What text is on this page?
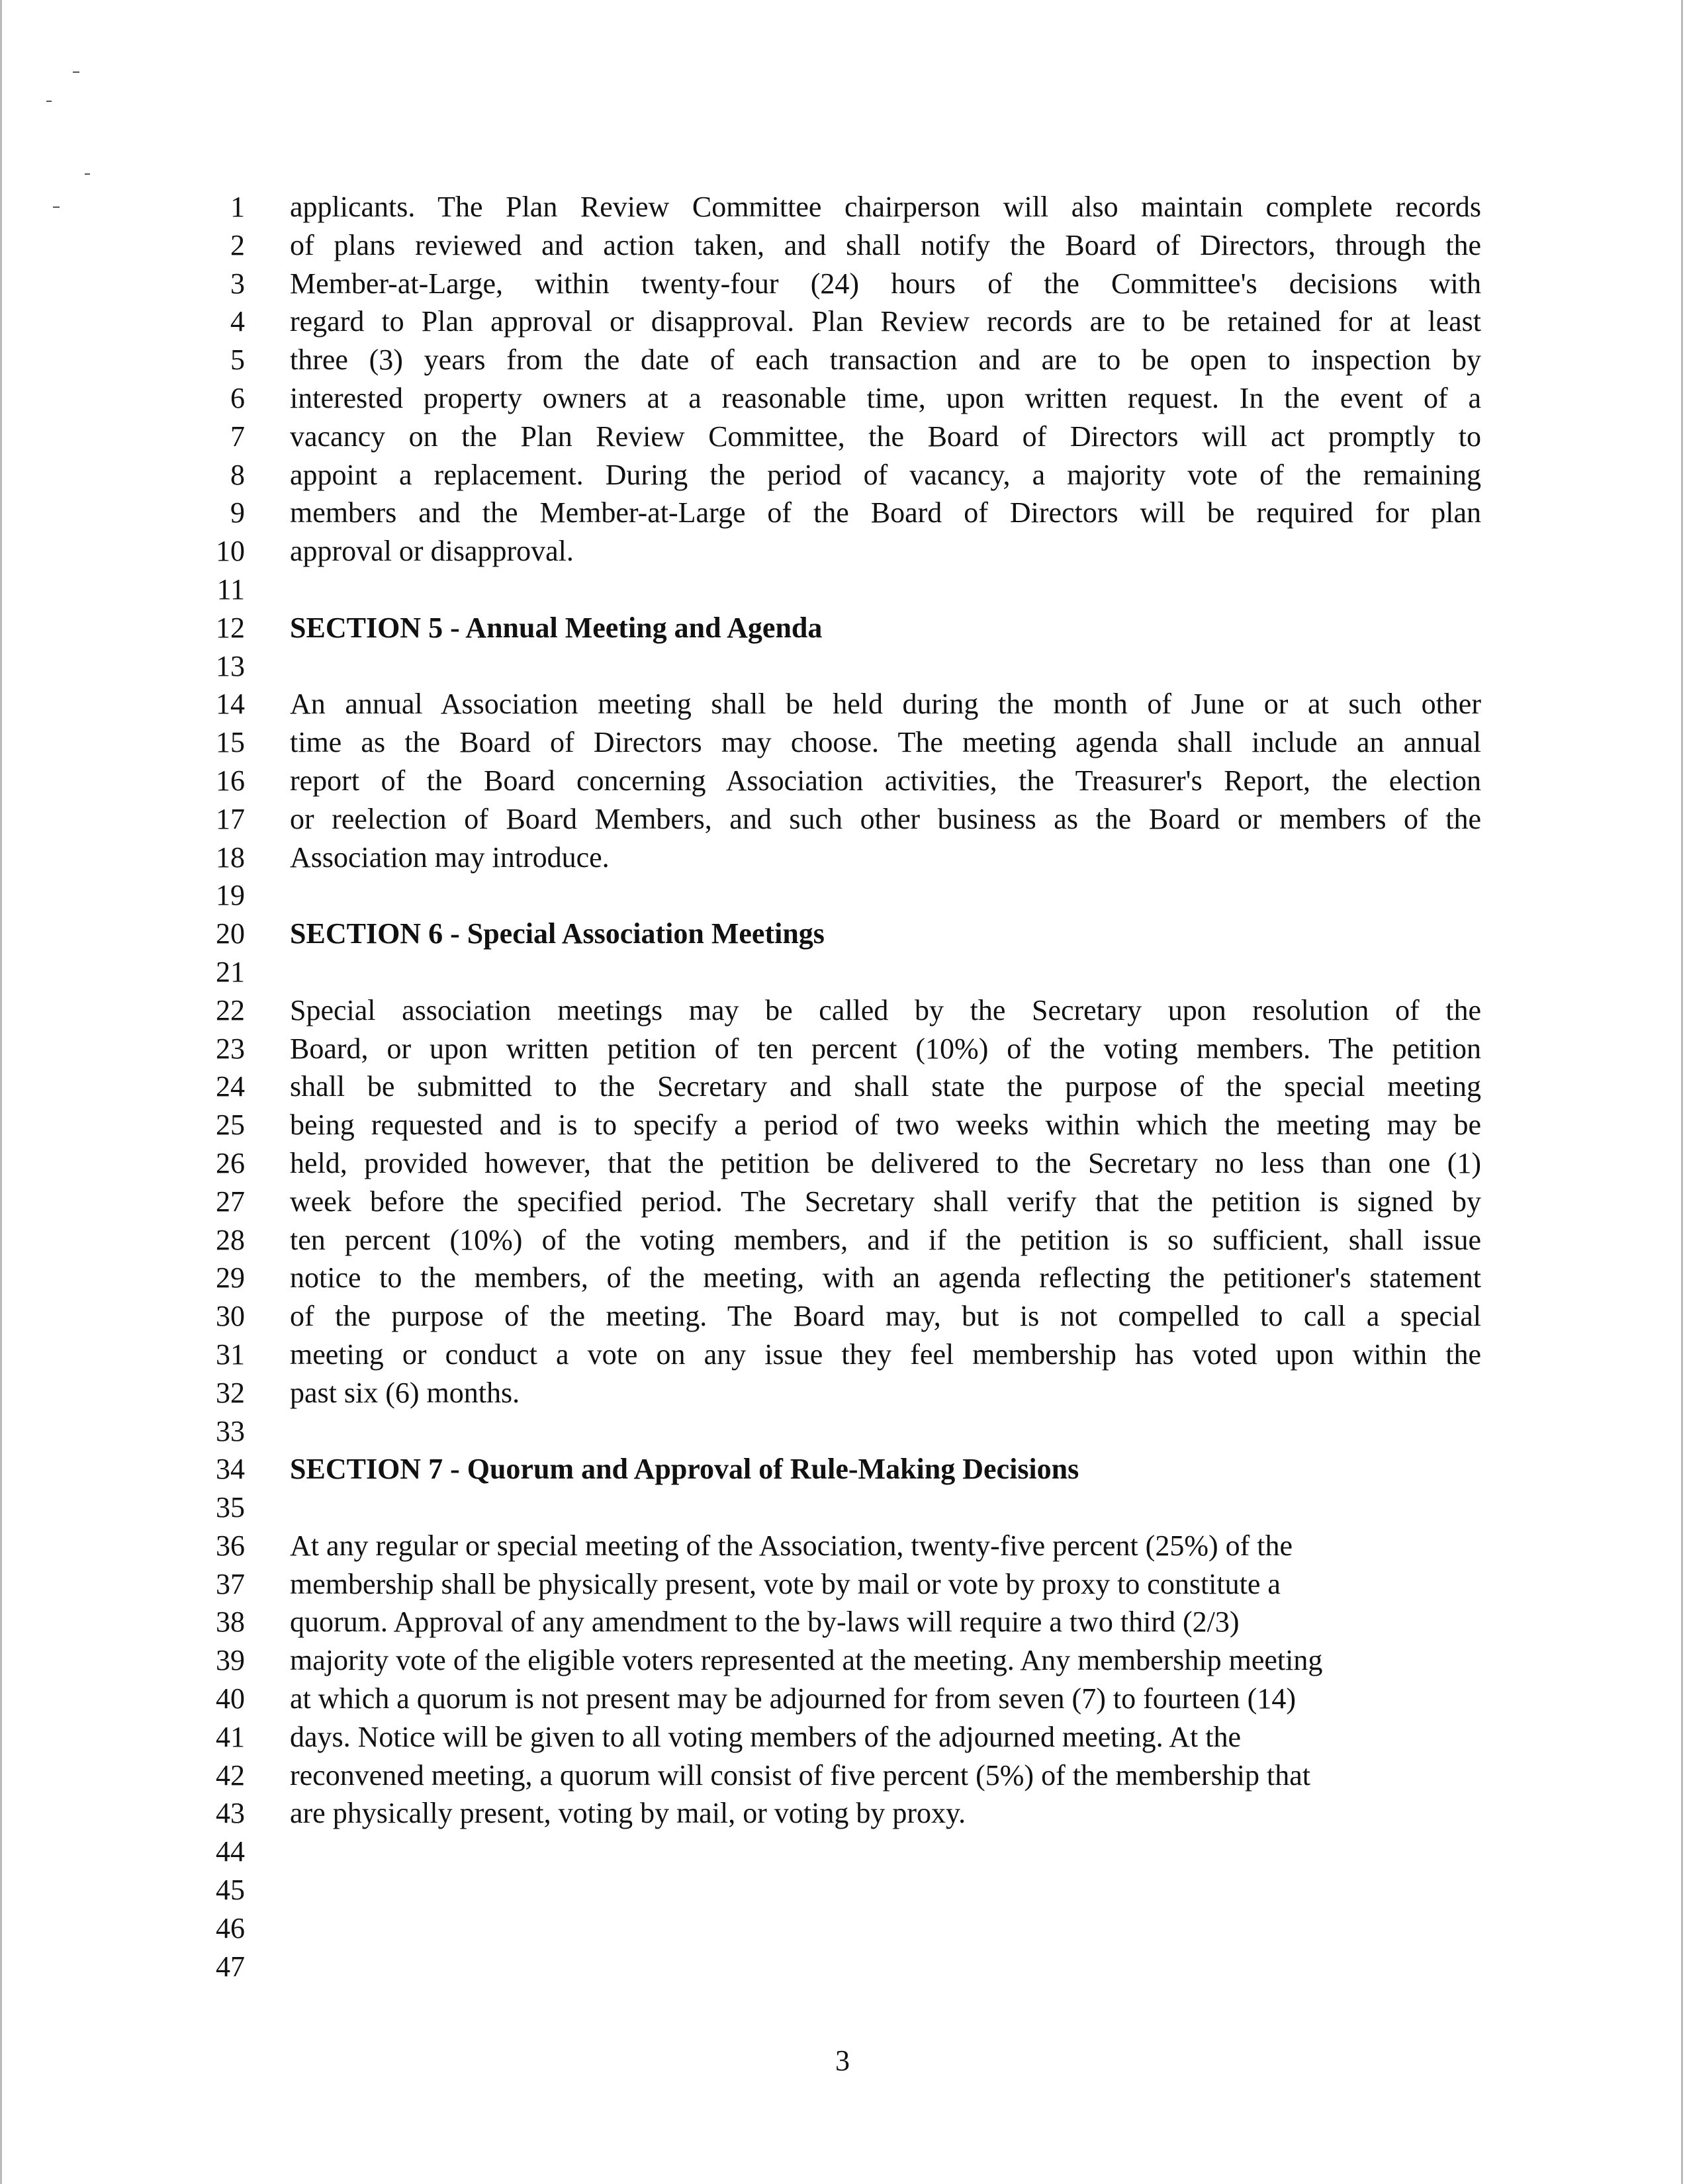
1 applicants. The Plan Review Committee chairperson will also maintain complete records
2 of plans reviewed and action taken, and shall notify the Board of Directors, through the
3 Member-at-Large, within twenty-four (24) hours of the Committee's decisions with
4 regard to Plan approval or disapproval. Plan Review records are to be retained for at least
5 three (3) years from the date of each transaction and are to be open to inspection by
6 interested property owners at a reasonable time, upon written request. In the event of a
7 vacancy on the Plan Review Committee, the Board of Directors will act promptly to
8 appoint a replacement. During the period of vacancy, a majority vote of the remaining
9 members and the Member-at-Large of the Board of Directors will be required for plan
10 approval or disapproval.
11
12 SECTION 5 - Annual Meeting and Agenda
13
14 An annual Association meeting shall be held during the month of June or at such other
15 time as the Board of Directors may choose. The meeting agenda shall include an annual
16 report of the Board concerning Association activities, the Treasurer's Report, the election
17 or reelection of Board Members, and such other business as the Board or members of the
18 Association may introduce.
19
20 SECTION 6 - Special Association Meetings
21
22 Special association meetings may be called by the Secretary upon resolution of the
23 Board, or upon written petition of ten percent (10%) of the voting members. The petition
24 shall be submitted to the Secretary and shall state the purpose of the special meeting
25 being requested and is to specify a period of two weeks within which the meeting may be
26 held, provided however, that the petition be delivered to the Secretary no less than one (1)
27 week before the specified period. The Secretary shall verify that the petition is signed by
28 ten percent (10%) of the voting members, and if the petition is so sufficient, shall issue
29 notice to the members, of the meeting, with an agenda reflecting the petitioner's statement
30 of the purpose of the meeting. The Board may, but is not compelled to call a special
31 meeting or conduct a vote on any issue they feel membership has voted upon within the
32 past six (6) months.
33
34 SECTION 7 - Quorum and Approval of Rule-Making Decisions
35
36 At any regular or special meeting of the Association, twenty-five percent (25%) of the
37 membership shall be physically present, vote by mail or vote by proxy to constitute a
38 quorum. Approval of any amendment to the by-laws will require a two third (2/3)
39 majority vote of the eligible voters represented at the meeting. Any membership meeting
40 at which a quorum is not present may be adjourned for from seven (7) to fourteen (14)
41 days. Notice will be given to all voting members of the adjourned meeting. At the
42 reconvened meeting, a quorum will consist of five percent (5%) of the membership that
43 are physically present, voting by mail, or voting by proxy.
44
45
46
47
3
